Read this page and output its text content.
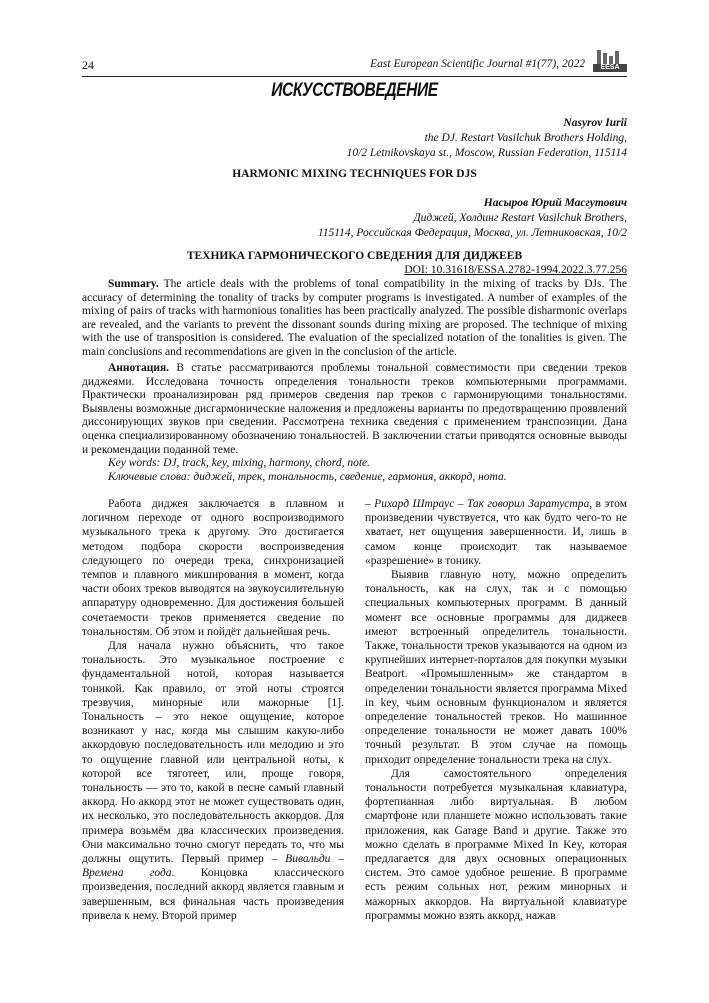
24	East European Scientific Journal #1(77), 2022	EESA
ИСКУССТВОВЕДЕНИЕ
Nasyrov Iurii
the DJ. Restart Vasilchuk Brothers Holding,
10/2 Letnikovskaya st., Moscow, Russian Federation, 115114
HARMONIC MIXING TECHNIQUES FOR DJS
Насыров Юрий Масгутович
Диджей, Холдинг Restart Vasilchuk Brothers,
115114, Российская Федерация, Москва, ул. Летниковская, 10/2
ТЕХНИКА ГАРМОНИЧЕСКОГО СВЕДЕНИЯ ДЛЯ ДИДЖЕЕВ
DOI: 10.31618/ESSA.2782-1994.2022.3.77.256

Summary. The article deals with the problems of tonal compatibility in the mixing of tracks by DJs. The accuracy of determining the tonality of tracks by computer programs is investigated. A number of examples of the mixing of pairs of tracks with harmonious tonalities has been practically analyzed. The possible disharmonic overlaps are revealed, and the variants to prevent the dissonant sounds during mixing are proposed. The technique of mixing with the use of transposition is considered. The evaluation of the specialized notation of the tonalities is given. The main conclusions and recommendations are given in the conclusion of the article.

Аннотация. В статье рассматриваются проблемы тональной совместимости при сведении треков диджеями. Исследована точность определения тональности треков компьютерными программами. Практически проанализирован ряд примеров сведения пар треков с гармонирующими тональностями. Выявлены возможные дисгармонические наложения и предложены варианты по предотвращению проявлений диссонирующих звуков при сведении. Рассмотрена техника сведения с применением транспозиции. Дана оценка специализированному обозначению тональностей. В заключении статьи приводятся основные выводы и рекомендации поданной теме.

Key words: DJ, track, key, mixing, harmony, chord, note.

Ключевые слова: диджей, трек, тональность, сведение, гармония, аккорд, нота.

Работа диджея заключается в плавном и логичном переходе от одного воспроизводимого музыкального трека к другому. Это достигается методом подбора скорости воспроизведения следующего по очереди трека, синхронизацией темпов и плавного микширования в момент, когда части обоих треков выводятся на звукоусилительную аппаратуру одновременно. Для достижения большей сочетаемости треков применяется сведение по тональностям. Об этом и пойдёт дальнейшая речь.

Для начала нужно объяснить, что такое тональность. Это музыкальное построение с фундаментальной нотой, которая называется тоникой. Как правило, от этой ноты строятся трезвучия, минорные или мажорные [1]. Тональность – это некое ощущение, которое возникают у нас, когда мы слышим какую-либо аккордовую последовательность или мелодию и это то ощущение главной или центральной ноты, к которой все тяготеет, или, проще говоря, тональность — это то, какой в песне самый главный аккорд. Но аккорд этот не может существовать один, их несколько, это последовательность аккордов. Для примера возьмём два классических произведения. Они максимально точно смогут передать то, что мы должны ощутить. Первый пример – Вивальди – Времена года. Концовка классического произведения, последний аккорд является главным и завершенным, вся финальная часть произведения привела к нему. Второй пример

– Рихард Штраус – Так говорил Заратустра, в этом произведении чувствуется, что как будто чего-то не хватает, нет ощущения завершенности. И, лишь в самом конце происходит так называемое «разрешение» в тонику.

Выявив главную ноту, можно определить тональность, как на слух, так и с помощью специальных компьютерных программ. В данный момент все основные программы для диджеев имеют встроенный определитель тональности. Также, тональности треков указываются на одном из крупнейших интернет-порталов для покупки музыки Beatport. «Промышленным» же стандартом в определении тональности является программа Mixed in key, чьим основным функционалом и является определение тональностей треков. Но машинное определение тональности не может давать 100% точный результат. В этом случае на помощь приходит определение тональности трека на слух.

Для самостоятельного определения тональности потребуется музыкальная клавиатура, фортепианная либо виртуальная. В любом смартфоне или планшете можно использовать такие приложения, как Garage Band и другие. Также это можно сделать в программе Mixed In Key, которая предлагается для двух основных операционных систем. Это самое удобное решение. В программе есть режим сольных нот, режим минорных и мажорных аккордов. На виртуальной клавиатуре программы можно взять аккорд, нажав
